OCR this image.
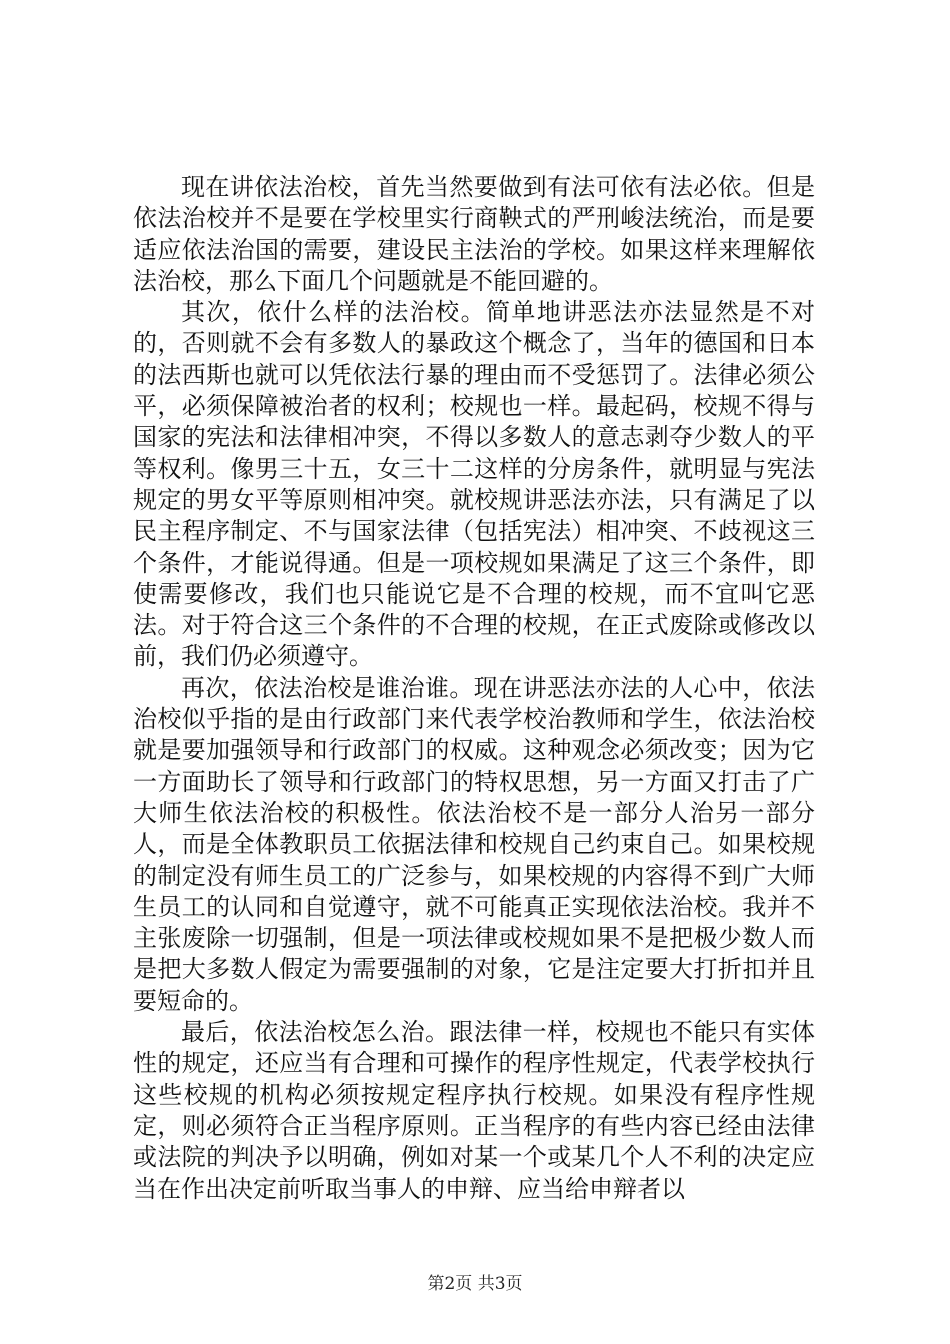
现在讲依法治校，首先当然要做到有法可依有法必依。但是依法治校并不是要在学校里实行商鞅式的严刑峻法统治，而是要适应依法治国的需要，建设民主法治的学校。如果这样来理解依法治校，那么下面几个问题就是不能回避的。

其次，依什么样的法治校。简单地讲恶法亦法显然是不对的，否则就不会有多数人的暴政这个概念了，当年的德国和日本的法西斯也就可以凭依法行暴的理由而不受惩罚了。法律必须公平，必须保障被治者的权利；校规也一样。最起码，校规不得与国家的宪法和法律相冲突，不得以多数人的意志剥夺少数人的平等权利。像男三十五，女三十二这样的分房条件，就明显与宪法规定的男女平等原则相冲突。就校规讲恶法亦法，只有满足了以民主程序制定、不与国家法律（包括宪法）相冲突、不歧视这三个条件，才能说得通。但是一项校规如果满足了这三个条件，即使需要修改，我们也只能说它是不合理的校规，而不宜叫它恶法。对于符合这三个条件的不合理的校规，在正式废除或修改以前，我们仍必须遵守。

再次，依法治校是谁治谁。现在讲恶法亦法的人心中，依法治校似乎指的是由行政部门来代表学校治教师和学生，依法治校就是要加强领导和行政部门的权威。这种观念必须改变；因为它一方面助长了领导和行政部门的特权思想，另一方面又打击了广大师生依法治校的积极性。依法治校不是一部分人治另一部分人，而是全体教职员工依据法律和校规自己约束自己。如果校规的制定没有师生员工的广泛参与，如果校规的内容得不到广大师生员工的认同和自觉遵守，就不可能真正实现依法治校。我并不主张废除一切强制，但是一项法律或校规如果不是把极少数人而是把大多数人假定为需要强制的对象，它是注定要大打折扣并且要短命的。

最后，依法治校怎么治。跟法律一样，校规也不能只有实体性的规定，还应当有合理和可操作的程序性规定，代表学校执行这些校规的机构必须按规定程序执行校规。如果没有程序性规定，则必须符合正当程序原则。正当程序的有些内容已经由法律或法院的判决予以明确，例如对某一个或某几个人不利的决定应当在作出决定前听取当事人的申辩、应当给申辩者以

第2页 共3页
